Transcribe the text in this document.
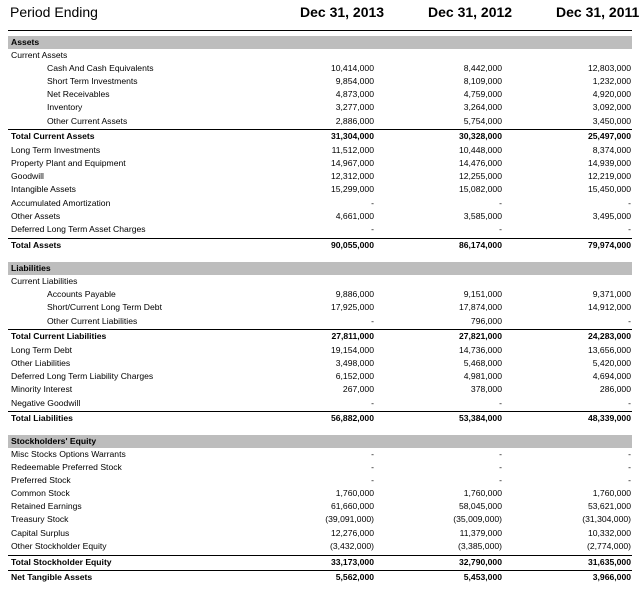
Period Ending	Dec 31, 2013	Dec 31, 2012	Dec 31, 2011
Assets
Current Assets
Cash And Cash Equivalents	10,414,000	8,442,000	12,803,000
Short Term Investments	9,854,000	8,109,000	1,232,000
Net Receivables	4,873,000	4,759,000	4,920,000
Inventory	3,277,000	3,264,000	3,092,000
Other Current Assets	2,886,000	5,754,000	3,450,000
Total Current Assets	31,304,000	30,328,000	25,497,000
Long Term Investments	11,512,000	10,448,000	8,374,000
Property Plant and Equipment	14,967,000	14,476,000	14,939,000
Goodwill	12,312,000	12,255,000	12,219,000
Intangible Assets	15,299,000	15,082,000	15,450,000
Accumulated Amortization	-	-	-
Other Assets	4,661,000	3,585,000	3,495,000
Deferred Long Term Asset Charges	-	-	-
Total Assets	90,055,000	86,174,000	79,974,000
Liabilities
Current Liabilities
Accounts Payable	9,886,000	9,151,000	9,371,000
Short/Current Long Term Debt	17,925,000	17,874,000	14,912,000
Other Current Liabilities	-	796,000	-
Total Current Liabilities	27,811,000	27,821,000	24,283,000
Long Term Debt	19,154,000	14,736,000	13,656,000
Other Liabilities	3,498,000	5,468,000	5,420,000
Deferred Long Term Liability Charges	6,152,000	4,981,000	4,694,000
Minority Interest	267,000	378,000	286,000
Negative Goodwill	-	-	-
Total Liabilities	56,882,000	53,384,000	48,339,000
Stockholders' Equity
Misc Stocks Options Warrants	-	-	-
Redeemable Preferred Stock	-	-	-
Preferred Stock	-	-	-
Common Stock	1,760,000	1,760,000	1,760,000
Retained Earnings	61,660,000	58,045,000	53,621,000
Treasury Stock	(39,091,000)	(35,009,000)	(31,304,000)
Capital Surplus	12,276,000	11,379,000	10,332,000
Other Stockholder Equity	(3,432,000)	(3,385,000)	(2,774,000)
Total Stockholder Equity	33,173,000	32,790,000	31,635,000
Net Tangible Assets	5,562,000	5,453,000	3,966,000
